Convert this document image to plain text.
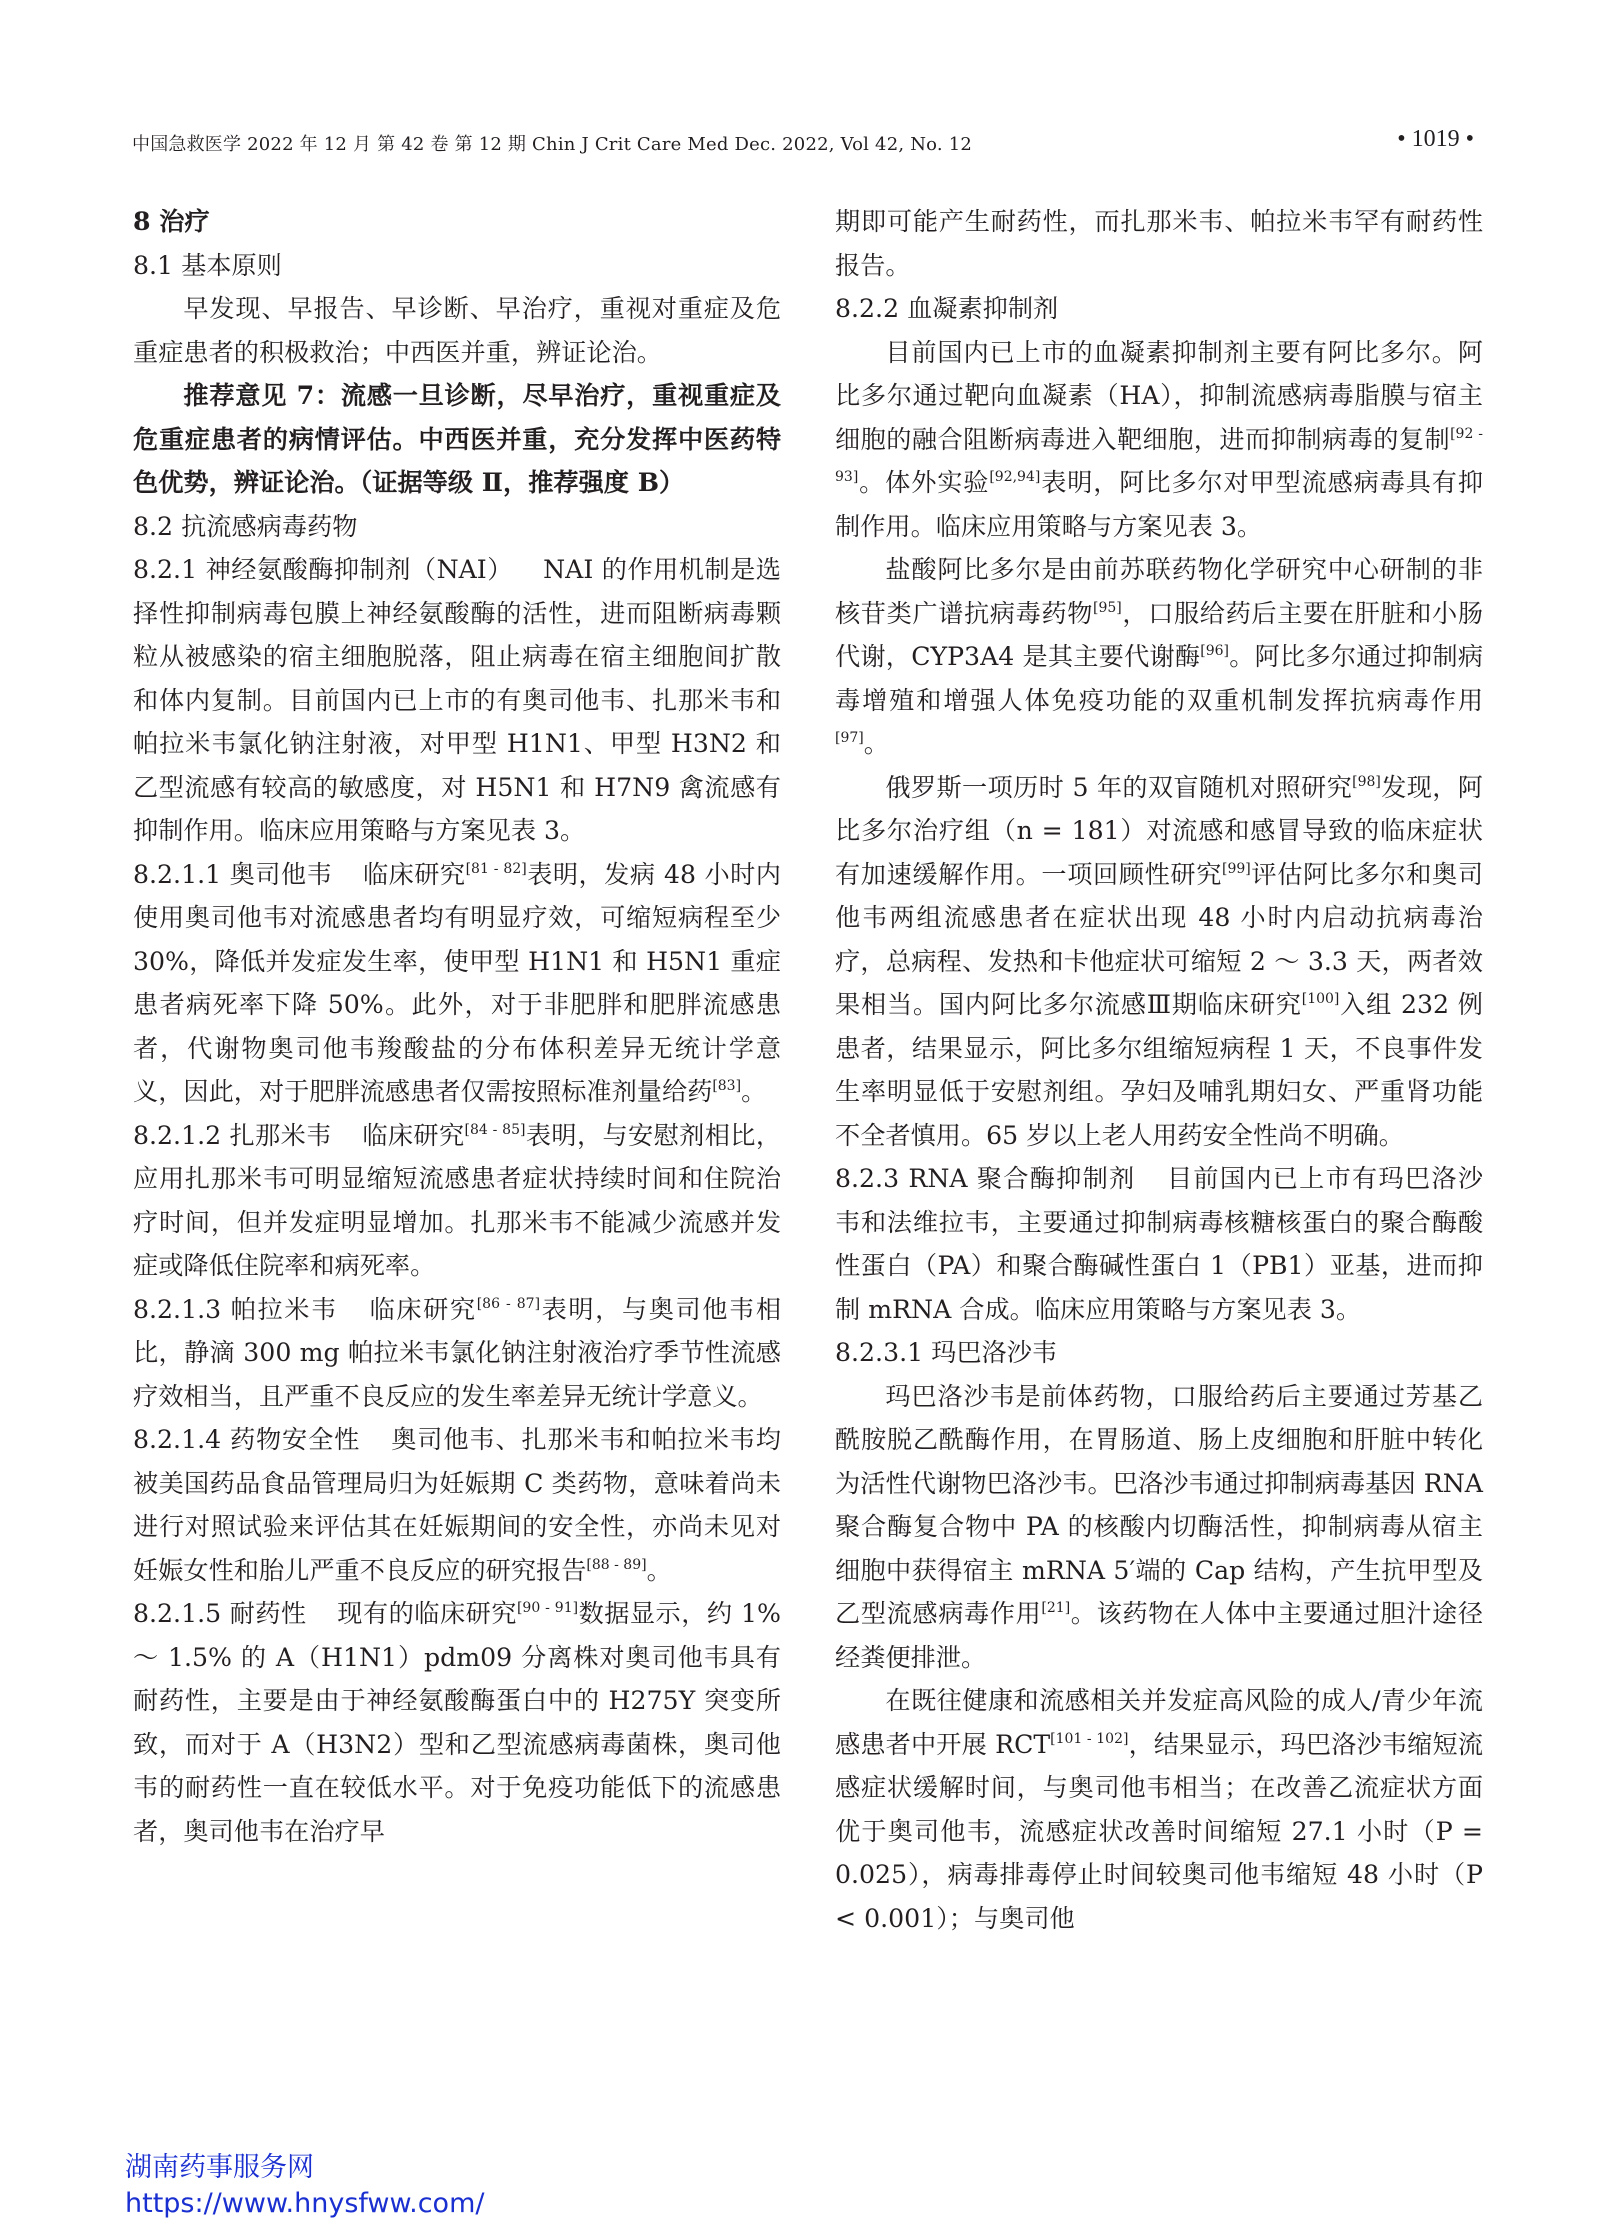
中国急救医学 2022 年 12 月 第 42 卷 第 12 期 Chin J Crit Care Med Dec. 2022, Vol 42, No. 12	• 1019 •

8 治疗

8.1 基本原则

早发现、早报告、早诊断、早治疗，重视对重症及危重症患者的积极救治；中西医并重，辨证论治。

推荐意见 7：流感一旦诊断，尽早治疗，重视重症及危重症患者的病情评估。中西医并重，充分发挥中医药特色优势，辨证论治。（证据等级 Ⅱ，推荐强度 B）

8.2 抗流感病毒药物

8.2.1 神经氨酸酶抑制剂（NAI） NAI 的作用机制是选择性抑制病毒包膜上神经氨酸酶的活性，进而阻断病毒颗粒从被感染的宿主细胞脱落，阻止病毒在宿主细胞间扩散和体内复制。目前国内已上市的有奥司他韦、扎那米韦和帕拉米韦氯化钠注射液，对甲型 H1N1、甲型 H3N2 和乙型流感有较高的敏感度，对 H5N1 和 H7N9 禽流感有抑制作用。临床应用策略与方案见表 3。

8.2.1.1 奥司他韦 临床研究[81 - 82]表明，发病 48 小时内使用奥司他韦对流感患者均有明显疗效，可缩短病程至少 30%，降低并发症发生率，使甲型 H1N1 和 H5N1 重症患者病死率下降 50%。此外，对于非肥胖和肥胖流感患者，代谢物奥司他韦羧酸盐的分布体积差异无统计学意义，因此，对于肥胖流感患者仅需按照标准剂量给药[83]。

8.2.1.2 扎那米韦 临床研究[84 - 85]表明，与安慰剂相比，应用扎那米韦可明显缩短流感患者症状持续时间和住院治疗时间，但并发症明显增加。扎那米韦不能减少流感并发症或降低住院率和病死率。

8.2.1.3 帕拉米韦 临床研究[86 - 87]表明，与奥司他韦相比，静滴 300 mg 帕拉米韦氯化钠注射液治疗季节性流感疗效相当，且严重不良反应的发生率差异无统计学意义。

8.2.1.4 药物安全性 奥司他韦、扎那米韦和帕拉米韦均被美国药品食品管理局归为妊娠期 C 类药物，意味着尚未进行对照试验来评估其在妊娠期间的安全性，亦尚未见对妊娠女性和胎儿严重不良反应的研究报告[88 - 89]。

8.2.1.5 耐药性 现有的临床研究[90 - 91]数据显示，约 1% ～ 1.5% 的 A（H1N1）pdm09 分离株对奥司他韦具有耐药性，主要是由于神经氨酸酶蛋白中的 H275Y 突变所致，而对于 A（H3N2）型和乙型流感病毒菌株，奥司他韦的耐药性一直在较低水平。对于免疫功能低下的流感患者，奥司他韦在治疗早

期即可能产生耐药性，而扎那米韦、帕拉米韦罕有耐药性报告。

8.2.2 血凝素抑制剂

目前国内已上市的血凝素抑制剂主要有阿比多尔。阿比多尔通过靶向血凝素（HA），抑制流感病毒脂膜与宿主细胞的融合阻断病毒进入靶细胞，进而抑制病毒的复制[92 - 93]。体外实验[92,94]表明，阿比多尔对甲型流感病毒具有抑制作用。临床应用策略与方案见表 3。

盐酸阿比多尔是由前苏联药物化学研究中心研制的非核苷类广谱抗病毒药物[95]，口服给药后主要在肝脏和小肠代谢，CYP3A4 是其主要代谢酶[96]。阿比多尔通过抑制病毒增殖和增强人体免疫功能的双重机制发挥抗病毒作用[97]。

俄罗斯一项历时 5 年的双盲随机对照研究[98]发现，阿比多尔治疗组（n = 181）对流感和感冒导致的临床症状有加速缓解作用。一项回顾性研究[99]评估阿比多尔和奥司他韦两组流感患者在症状出现 48 小时内启动抗病毒治疗，总病程、发热和卡他症状可缩短 2 ～ 3.3 天，两者效果相当。国内阿比多尔流感Ⅲ期临床研究[100]入组 232 例患者，结果显示，阿比多尔组缩短病程 1 天，不良事件发生率明显低于安慰剂组。孕妇及哺乳期妇女、严重肾功能不全者慎用。65 岁以上老人用药安全性尚不明确。

8.2.3 RNA 聚合酶抑制剂 目前国内已上市有玛巴洛沙韦和法维拉韦，主要通过抑制病毒核糖核蛋白的聚合酶酸性蛋白（PA）和聚合酶碱性蛋白 1（PB1）亚基，进而抑制 mRNA 合成。临床应用策略与方案见表 3。

8.2.3.1 玛巴洛沙韦

玛巴洛沙韦是前体药物，口服给药后主要通过芳基乙酰胺脱乙酰酶作用，在胃肠道、肠上皮细胞和肝脏中转化为活性代谢物巴洛沙韦。巴洛沙韦通过抑制病毒基因 RNA 聚合酶复合物中 PA 的核酸内切酶活性，抑制病毒从宿主细胞中获得宿主 mRNA 5′端的 Cap 结构，产生抗甲型及乙型流感病毒作用[21]。该药物在人体中主要通过胆汁途径经粪便排泄。

在既往健康和流感相关并发症高风险的成人/青少年流感患者中开展 RCT[101 - 102]，结果显示，玛巴洛沙韦缩短流感症状缓解时间，与奥司他韦相当；在改善乙流症状方面优于奥司他韦，流感症状改善时间缩短 27.1 小时（P = 0.025），病毒排毒停止时间较奥司他韦缩短 48 小时（P < 0.001）；与奥司他

湖南药事服务网
https://www.hnysfww.com/
